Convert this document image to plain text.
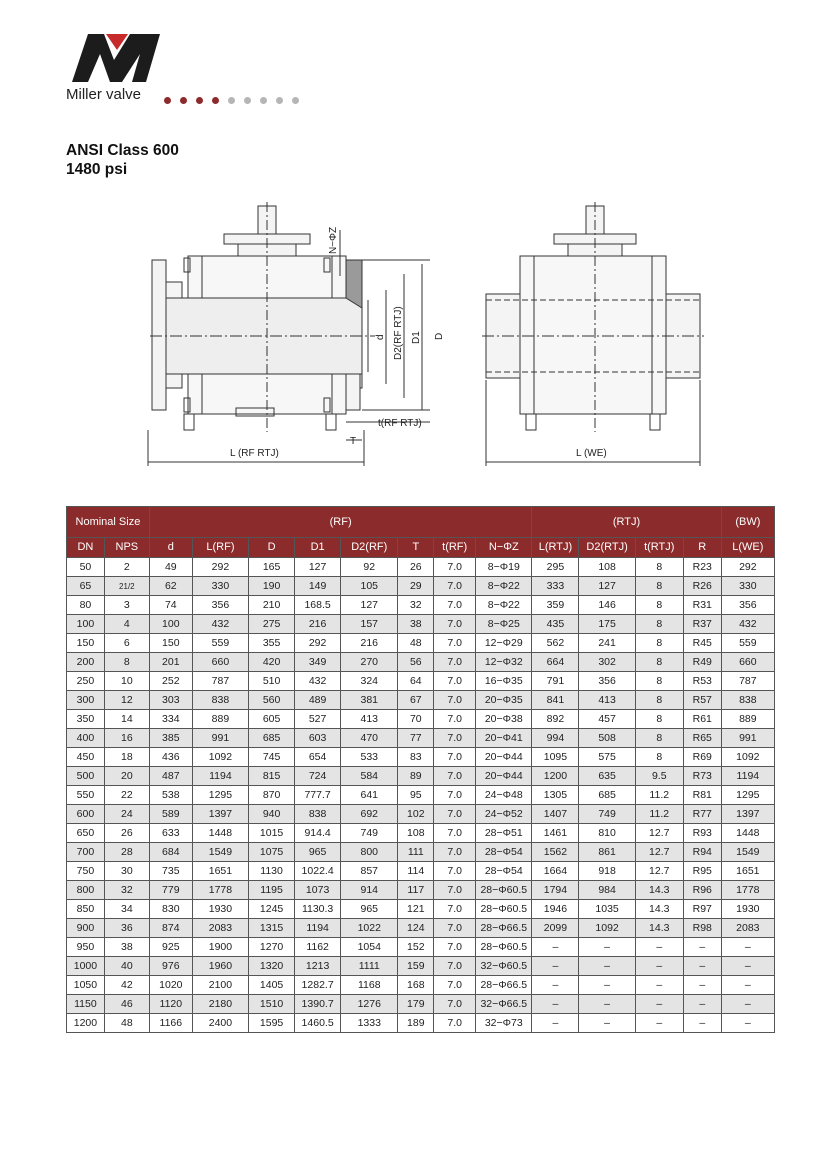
Miller valve
ANSI Class 600
1480 psi
N−ΦZ
d D2(RF RTJ) D1 D
t(RF RTJ)
T
L (RF RTJ)	L (WE)
Nominal Size		(RF)								(RTJ)				(BW)
DN	NPS	d	L(RF)	D	D1	D2(RF)	T	t(RF)	N−ΦZ	L(RTJ)	D2(RTJ)	t(RTJ)	R	L(WE)
50	2	49	292	165	127	92	26	7.0	8−Φ19	295	108	8	R23	292
65	21/2	62	330	190	149	105	29	7.0	8−Φ22	333	127	8	R26	330
80	3	74	356	210	168.5	127	32	7.0	8−Φ22	359	146	8	R31	356
100	4	100	432	275	216	157	38	7.0	8−Φ25	435	175	8	R37	432
150	6	150	559	355	292	216	48	7.0	12−Φ29	562	241	8	R45	559
200	8	201	660	420	349	270	56	7.0	12−Φ32	664	302	8	R49	660
250	10	252	787	510	432	324	64	7.0	16−Φ35	791	356	8	R53	787
300	12	303	838	560	489	381	67	7.0	20−Φ35	841	413	8	R57	838
350	14	334	889	605	527	413	70	7.0	20−Φ38	892	457	8	R61	889
400	16	385	991	685	603	470	77	7.0	20−Φ41	994	508	8	R65	991
450	18	436	1092	745	654	533	83	7.0	20−Φ44	1095	575	8	R69	1092
500	20	487	1194	815	724	584	89	7.0	20−Φ44	1200	635	9.5	R73	1194
550	22	538	1295	870	777.7	641	95	7.0	24−Φ48	1305	685	11.2	R81	1295
600	24	589	1397	940	838	692	102	7.0	24−Φ52	1407	749	11.2	R77	1397
650	26	633	1448	1015	914.4	749	108	7.0	28−Φ51	1461	810	12.7	R93	1448
700	28	684	1549	1075	965	800	111	7.0	28−Φ54	1562	861	12.7	R94	1549
750	30	735	1651	1130	1022.4	857	114	7.0	28−Φ54	1664	918	12.7	R95	1651
800	32	779	1778	1195	1073	914	117	7.0	28−Φ60.5	1794	984	14.3	R96	1778
850	34	830	1930	1245	1130.3	965	121	7.0	28−Φ60.5	1946	1035	14.3	R97	1930
900	36	874	2083	1315	1194	1022	124	7.0	28−Φ66.5	2099	1092	14.3	R98	2083
950	38	925	1900	1270	1162	1054	152	7.0	28−Φ60.5	–	–	–	–	–
1000	40	976	1960	1320	1213	1111	159	7.0	32−Φ60.5	–	–	–	–	–
1050	42	1020	2100	1405	1282.7	1168	168	7.0	28−Φ66.5	–	–	–	–	–
1150	46	1120	2180	1510	1390.7	1276	179	7.0	32−Φ66.5	–	–	–	–	–
1200	48	1166	2400	1595	1460.5	1333	189	7.0	32−Φ73	–	–	–	–	–
